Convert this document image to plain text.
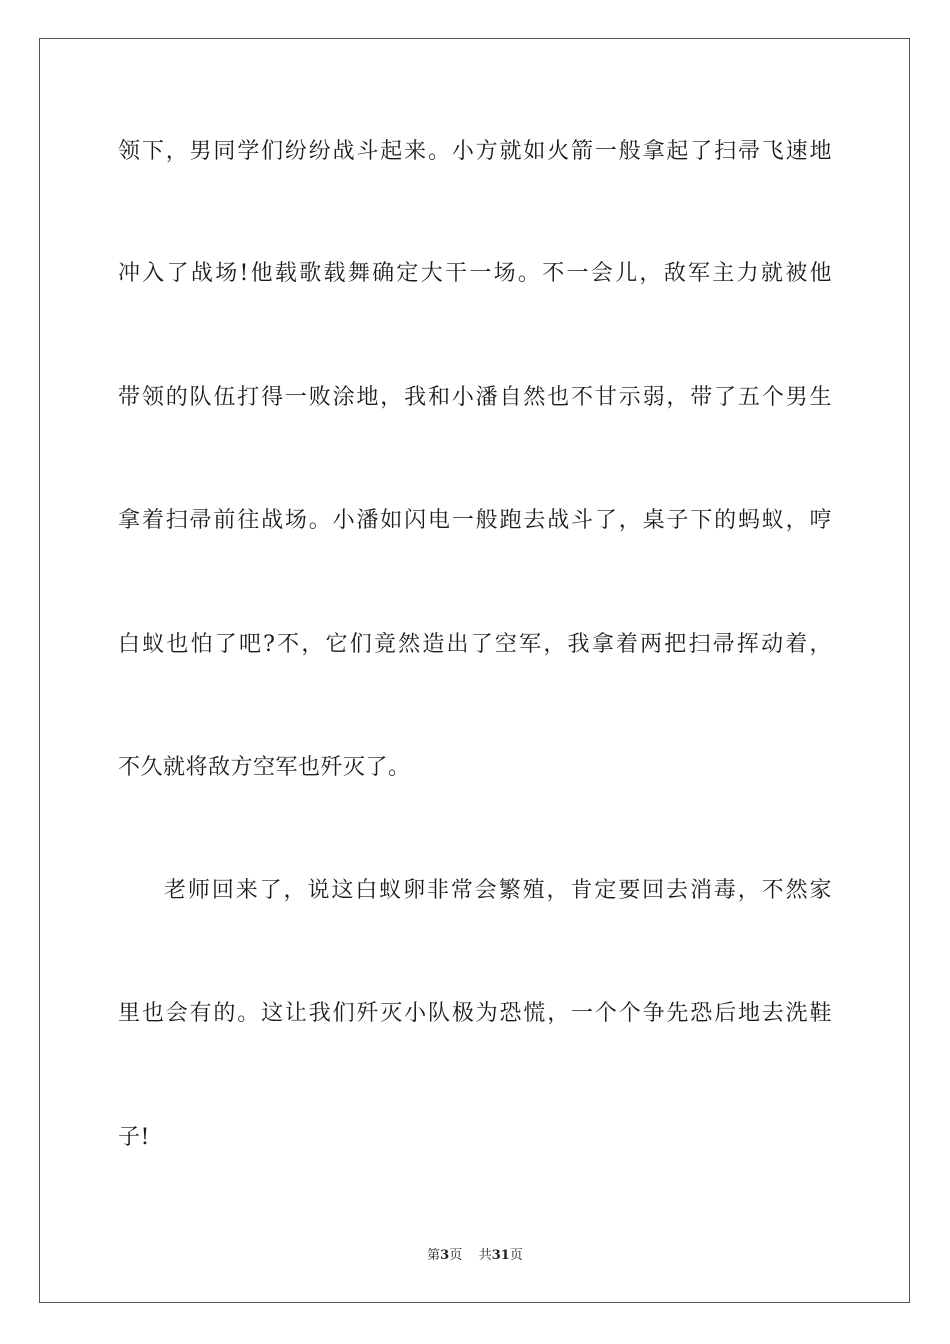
领下，男同学们纷纷战斗起来。小方就如火箭一般拿起了扫帚飞速地
冲入了战场!他载歌载舞确定大干一场。不一会儿，敌军主力就被他
带领的队伍打得一败涂地，我和小潘自然也不甘示弱，带了五个男生
拿着扫帚前往战场。小潘如闪电一般跑去战斗了，桌子下的蚂蚁，哼
白蚁也怕了吧?不，它们竟然造出了空军，我拿着两把扫帚挥动着，
不久就将敌方空军也歼灭了。
老师回来了，说这白蚁卵非常会繁殖，肯定要回去消毒，不然家
里也会有的。这让我们歼灭小队极为恐慌，一个个争先恐后地去洗鞋
子!
第3页 共31页
